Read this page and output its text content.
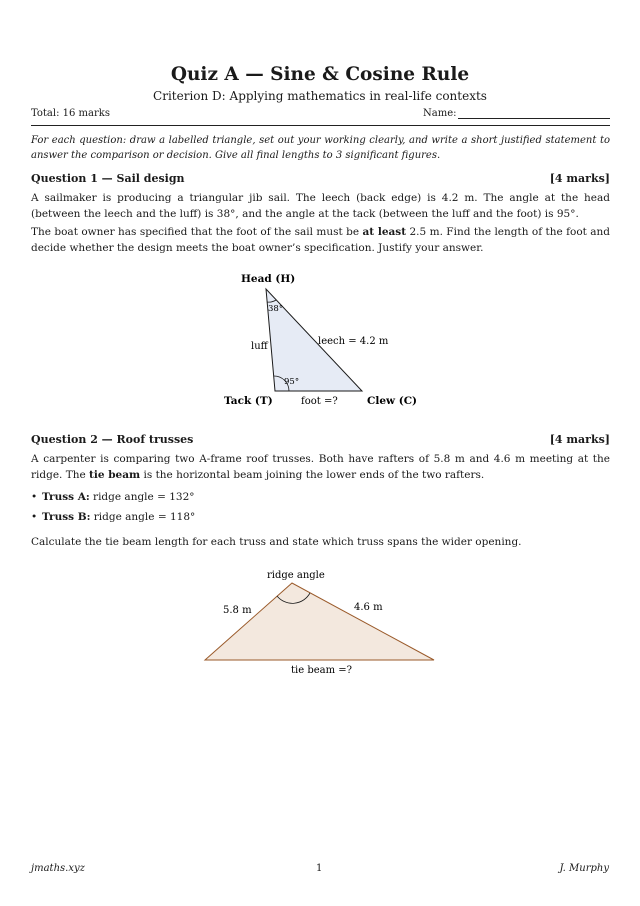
Quiz A — Sine & Cosine Rule
Criterion D: Applying mathematics in real-life contexts
Total: 16 marks	Name:
For each question: draw a labelled triangle, set out your working clearly, and write a short justified statement to answer the comparison or decision. Give all final lengths to 3 significant figures.
Question 1 — Sail design	[4 marks]
A sailmaker is producing a triangular jib sail. The leech (back edge) is 4.2 m. The angle at the head (between the leech and the luff) is 38°, and the angle at the tack (between the luff and the foot) is 95°.
The boat owner has specified that the foot of the sail must be at least 2.5 m. Find the length of the foot and decide whether the design meets the boat owner’s specification. Justify your answer.
Head (H)
38°
luff	leech = 4.2 m
95°
Tack (T)	foot =?	Clew (C)
Question 2 — Roof trusses	[4 marks]
A carpenter is comparing two A-frame roof trusses. Both have rafters of 5.8 m and 4.6 m meeting at the ridge. The tie beam is the horizontal beam joining the lower ends of the two rafters.
• Truss A: ridge angle = 132°
• Truss B: ridge angle = 118°
Calculate the tie beam length for each truss and state which truss spans the wider opening.
ridge angle
5.8 m	4.6 m
tie beam =?
jmaths.xyz	1	J. Murphy
